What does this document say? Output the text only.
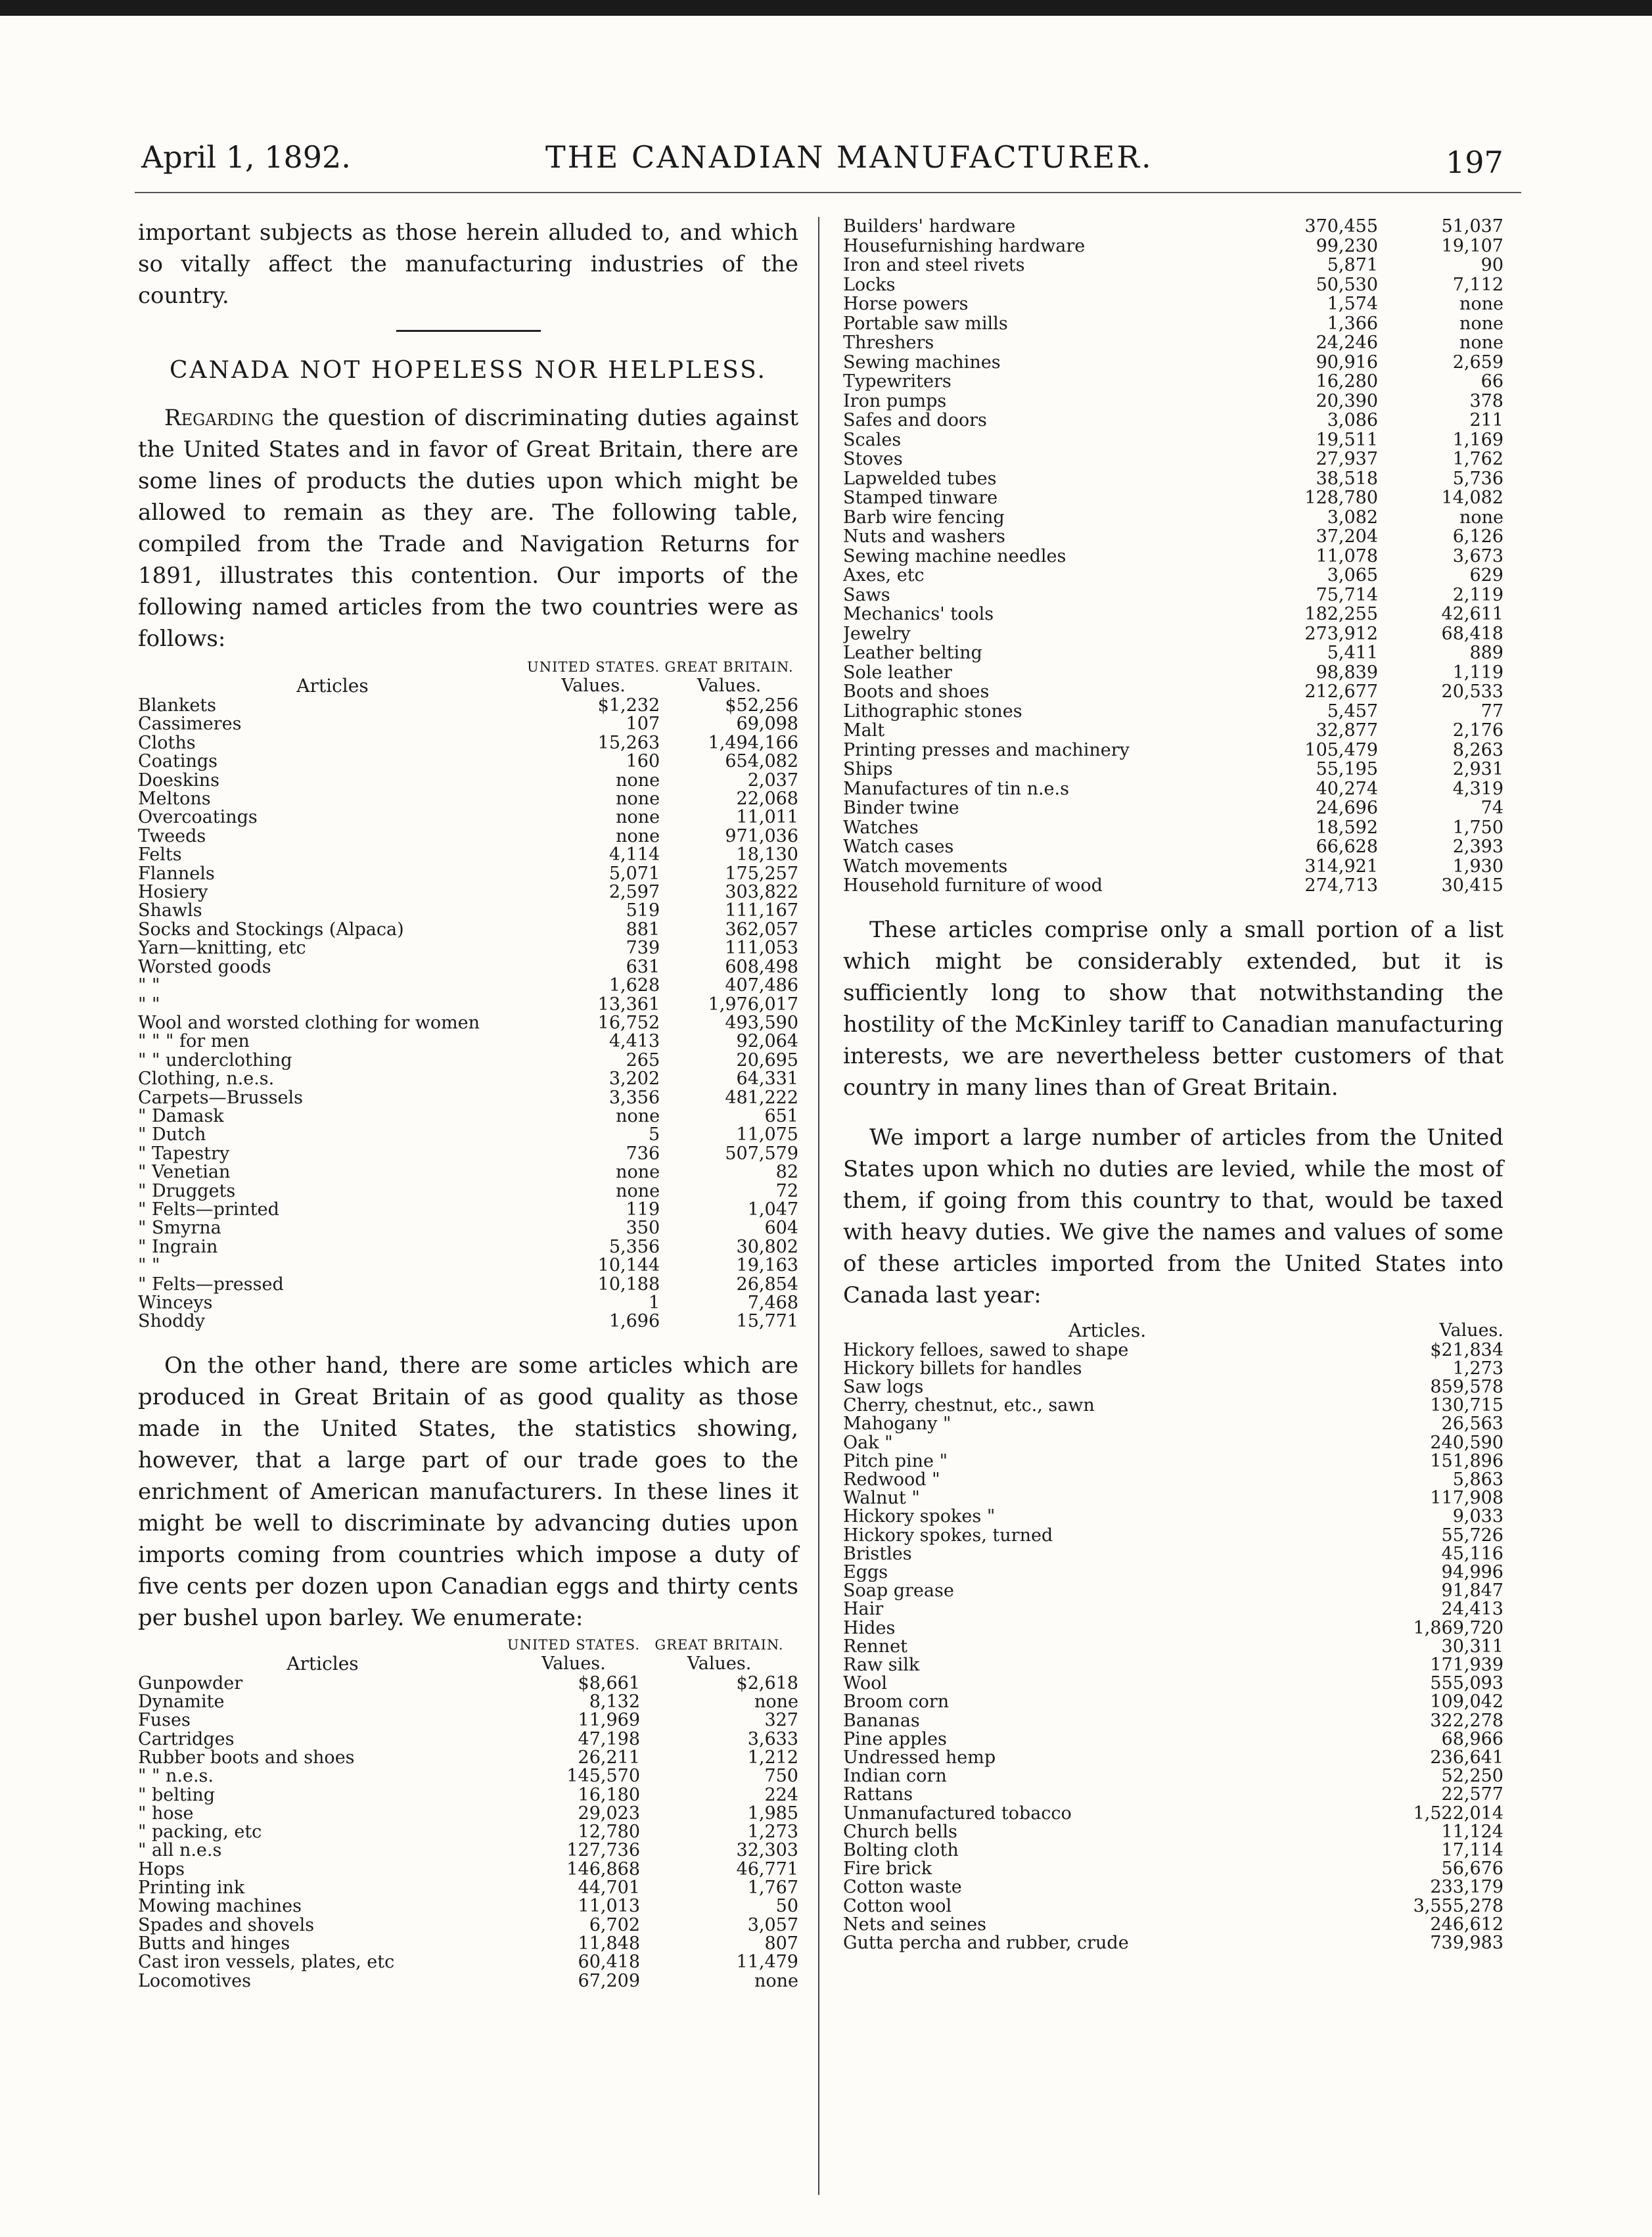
April 1, 1892.	THE CANADIAN MANUFACTURER.	197

important subjects as those herein alluded to, and which so vitally affect the manufacturing industries of the country.

CANADA NOT HOPELESS NOR HELPLESS.

Regarding the question of discriminating duties against the United States and in favor of Great Britain, there are some lines of products the duties upon which might be allowed to remain as they are. The following table, compiled from the Trade and Navigation Returns for 1891, illustrates this contention. Our imports of the following named articles from the two countries were as follows:

	UNITED STATES.	GREAT BRITAIN.
Articles	Values.	Values.
Blankets	$1,232	$52,256
Cassimeres	107	69,098
Cloths	15,263	1,494,166
Coatings	160	654,082
Doeskins	none	2,037
Meltons	none	22,068
Overcoatings	none	11,011
Tweeds	none	971,036
Felts	4,114	18,130
Flannels	5,071	175,257
Hosiery	2,597	303,822
Shawls	519	111,167
Socks and Stockings (Alpaca)	881	362,057
Yarn—knitting, etc	739	111,053
Worsted goods	631	608,498
" "	1,628	407,486
" "	13,361	1,976,017
Wool and worsted clothing for women	16,752	493,590
" " " for men	4,413	92,064
" " underclothing	265	20,695
Clothing, n.e.s.	3,202	64,331
Carpets—Brussels	3,356	481,222
" Damask	none	651
" Dutch	5	11,075
" Tapestry	736	507,579
" Venetian	none	82
" Druggets	none	72
" Felts—printed	119	1,047
" Smyrna	350	604
" Ingrain	5,356	30,802
" "	10,144	19,163
" Felts—pressed	10,188	26,854
Winceys	1	7,468
Shoddy	1,696	15,771

On the other hand, there are some articles which are produced in Great Britain of as good quality as those made in the United States, the statistics showing, however, that a large part of our trade goes to the enrichment of American manufacturers. In these lines it might be well to discriminate by advancing duties upon imports coming from countries which impose a duty of five cents per dozen upon Canadian eggs and thirty cents per bushel upon barley. We enumerate:

	UNITED STATES.	GREAT BRITAIN.
Articles	Values.	Values.
Gunpowder	$8,661	$2,618
Dynamite	8,132	none
Fuses	11,969	327
Cartridges	47,198	3,633
Rubber boots and shoes	26,211	1,212
" " n.e.s.	145,570	750
" belting	16,180	224
" hose	29,023	1,985
" packing, etc	12,780	1,273
" all n.e.s	127,736	32,303
Hops	146,868	46,771
Printing ink	44,701	1,767
Mowing machines	11,013	50
Spades and shovels	6,702	3,057
Butts and hinges	11,848	807
Cast iron vessels, plates, etc	60,418	11,479
Locomotives	67,209	none
Builders' hardware	370,455	51,037
Housefurnishing hardware	99,230	19,107
Iron and steel rivets	5,871	90
Locks	50,530	7,112
Horse powers	1,574	none
Portable saw mills	1,366	none
Threshers	24,246	none
Sewing machines	90,916	2,659
Typewriters	16,280	66
Iron pumps	20,390	378
Safes and doors	3,086	211
Scales	19,511	1,169
Stoves	27,937	1,762
Lapwelded tubes	38,518	5,736
Stamped tinware	128,780	14,082
Barb wire fencing	3,082	none
Nuts and washers	37,204	6,126
Sewing machine needles	11,078	3,673
Axes, etc	3,065	629
Saws	75,714	2,119
Mechanics' tools	182,255	42,611
Jewelry	273,912	68,418
Leather belting	5,411	889
Sole leather	98,839	1,119
Boots and shoes	212,677	20,533
Lithographic stones	5,457	77
Malt	32,877	2,176
Printing presses and machinery	105,479	8,263
Ships	55,195	2,931
Manufactures of tin n.e.s	40,274	4,319
Binder twine	24,696	74
Watches	18,592	1,750
Watch cases	66,628	2,393
Watch movements	314,921	1,930
Household furniture of wood	274,713	30,415

These articles comprise only a small portion of a list which might be considerably extended, but it is sufficiently long to show that notwithstanding the hostility of the McKinley tariff to Canadian manufacturing interests, we are nevertheless better customers of that country in many lines than of Great Britain.

We import a large number of articles from the United States upon which no duties are levied, while the most of them, if going from this country to that, would be taxed with heavy duties. We give the names and values of some of these articles imported from the United States into Canada last year:

Articles.	Values.
Hickory felloes, sawed to shape	$21,834
Hickory billets for handles	1,273
Saw logs	859,578
Cherry, chestnut, etc., sawn	130,715
Mahogany "	26,563
Oak "	240,590
Pitch pine "	151,896
Redwood "	5,863
Walnut "	117,908
Hickory spokes "	9,033
Hickory spokes, turned	55,726
Bristles	45,116
Eggs	94,996
Soap grease	91,847
Hair	24,413
Hides	1,869,720
Rennet	30,311
Raw silk	171,939
Wool	555,093
Broom corn	109,042
Bananas	322,278
Pine apples	68,966
Undressed hemp	236,641
Indian corn	52,250
Rattans	22,577
Unmanufactured tobacco	1,522,014
Church bells	11,124
Bolting cloth	17,114
Fire brick	56,676
Cotton waste	233,179
Cotton wool	3,555,278
Nets and seines	246,612
Gutta percha and rubber, crude	739,983
